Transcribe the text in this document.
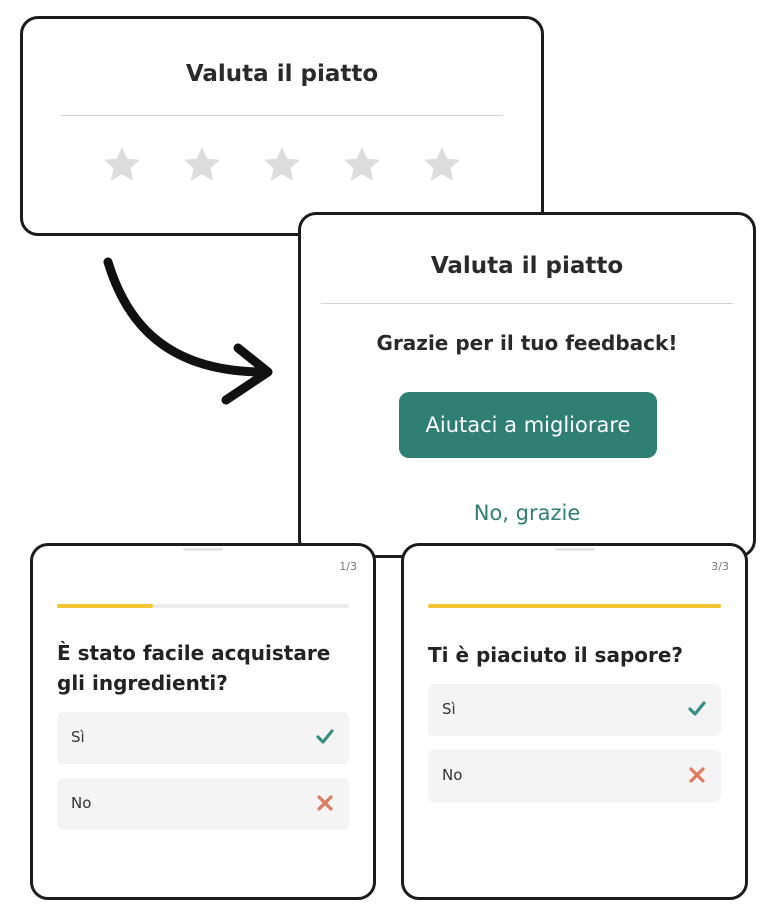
Valuta il piatto
Valuta il piatto
Grazie per il tuo feedback!
Aiutaci a migliorare
No, grazie
1/3
È stato facile acquistare gli ingredienti?
Sì
No
3/3
Ti è piaciuto il sapore?
Sì
No
